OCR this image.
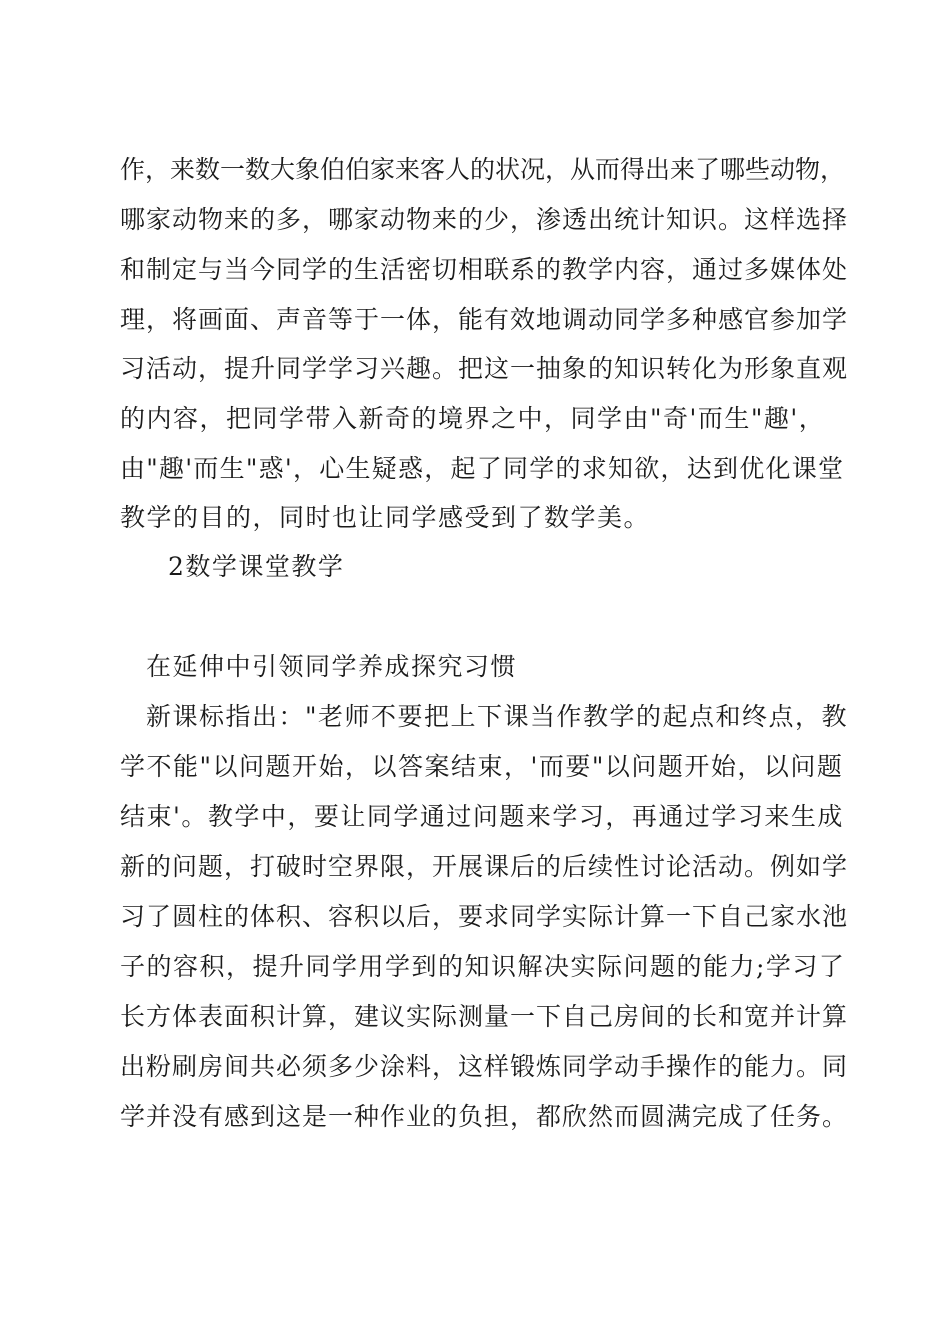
作，来数一数大象伯伯家来客人的状况，从而得出来了哪些动物，
哪家动物来的多，哪家动物来的少，渗透出统计知识。这样选择
和制定与当今同学的生活密切相联系的教学内容，通过多媒体处
理，将画面、声音等于一体，能有效地调动同学多种感官参加学
习活动，提升同学学习兴趣。把这一抽象的知识转化为形象直观
的内容，把同学带入新奇的境界之中，同学由"奇'而生"趣'，
由"趣'而生"惑'，心生疑惑，起了同学的求知欲，达到优化课堂
教学的目的，同时也让同学感受到了数学美。
2数学课堂教学
在延伸中引领同学养成探究习惯
新课标指出："老师不要把上下课当作教学的起点和终点，教
学不能"以问题开始，以答案结束，'而要"以问题开始，以问题
结束'。教学中，要让同学通过问题来学习，再通过学习来生成
新的问题，打破时空界限，开展课后的后续性讨论活动。例如学
习了圆柱的体积、容积以后，要求同学实际计算一下自己家水池
子的容积，提升同学用学到的知识解决实际问题的能力;学习了
长方体表面积计算，建议实际测量一下自己房间的长和宽并计算
出粉刷房间共必须多少涂料，这样锻炼同学动手操作的能力。同
学并没有感到这是一种作业的负担，都欣然而圆满完成了任务。
